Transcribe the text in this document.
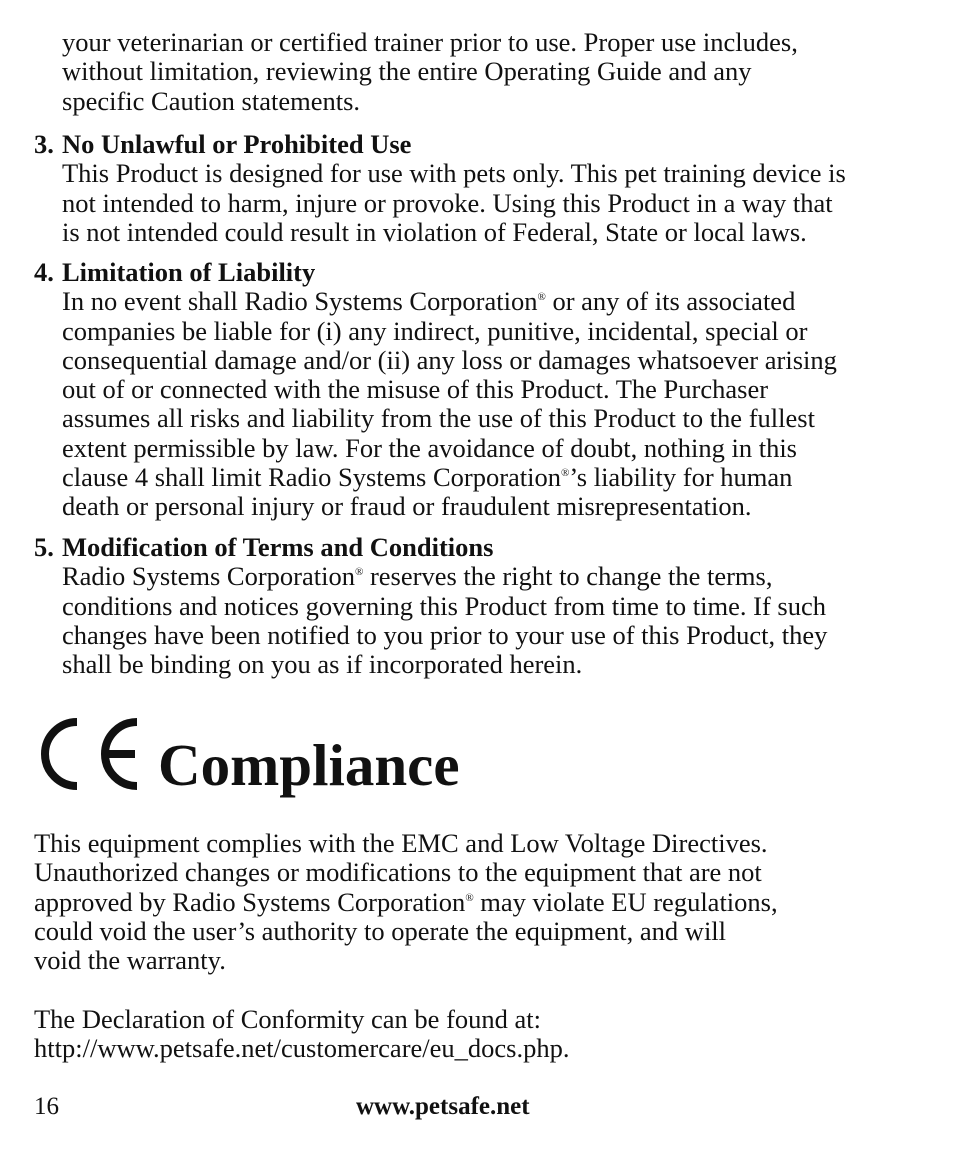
your veterinarian or certified trainer prior to use. Proper use includes,
without limitation, reviewing the entire Operating Guide and any
specific Caution statements.
3. No Unlawful or Prohibited Use
This Product is designed for use with pets only. This pet training device is
not intended to harm, injure or provoke. Using this Product in a way that
is not intended could result in violation of Federal, State or local laws.
4. Limitation of Liability
In no event shall Radio Systems Corporation® or any of its associated
companies be liable for (i) any indirect, punitive, incidental, special or
consequential damage and/or (ii) any loss or damages whatsoever arising
out of or connected with the misuse of this Product. The Purchaser
assumes all risks and liability from the use of this Product to the fullest
extent permissible by law. For the avoidance of doubt, nothing in this
clause 4 shall limit Radio Systems Corporation®’s liability for human
death or personal injury or fraud or fraudulent misrepresentation.
5. Modification of Terms and Conditions
Radio Systems Corporation® reserves the right to change the terms,
conditions and notices governing this Product from time to time. If such
changes have been notified to you prior to your use of this Product, they
shall be binding on you as if incorporated herein.
Compliance
This equipment complies with the EMC and Low Voltage Directives.
Unauthorized changes or modifications to the equipment that are not
approved by Radio Systems Corporation® may violate EU regulations,
could void the user’s authority to operate the equipment, and will
void the warranty.
The Declaration of Conformity can be found at:
http://www.petsafe.net/customercare/eu_docs.php.
16	www.petsafe.net
